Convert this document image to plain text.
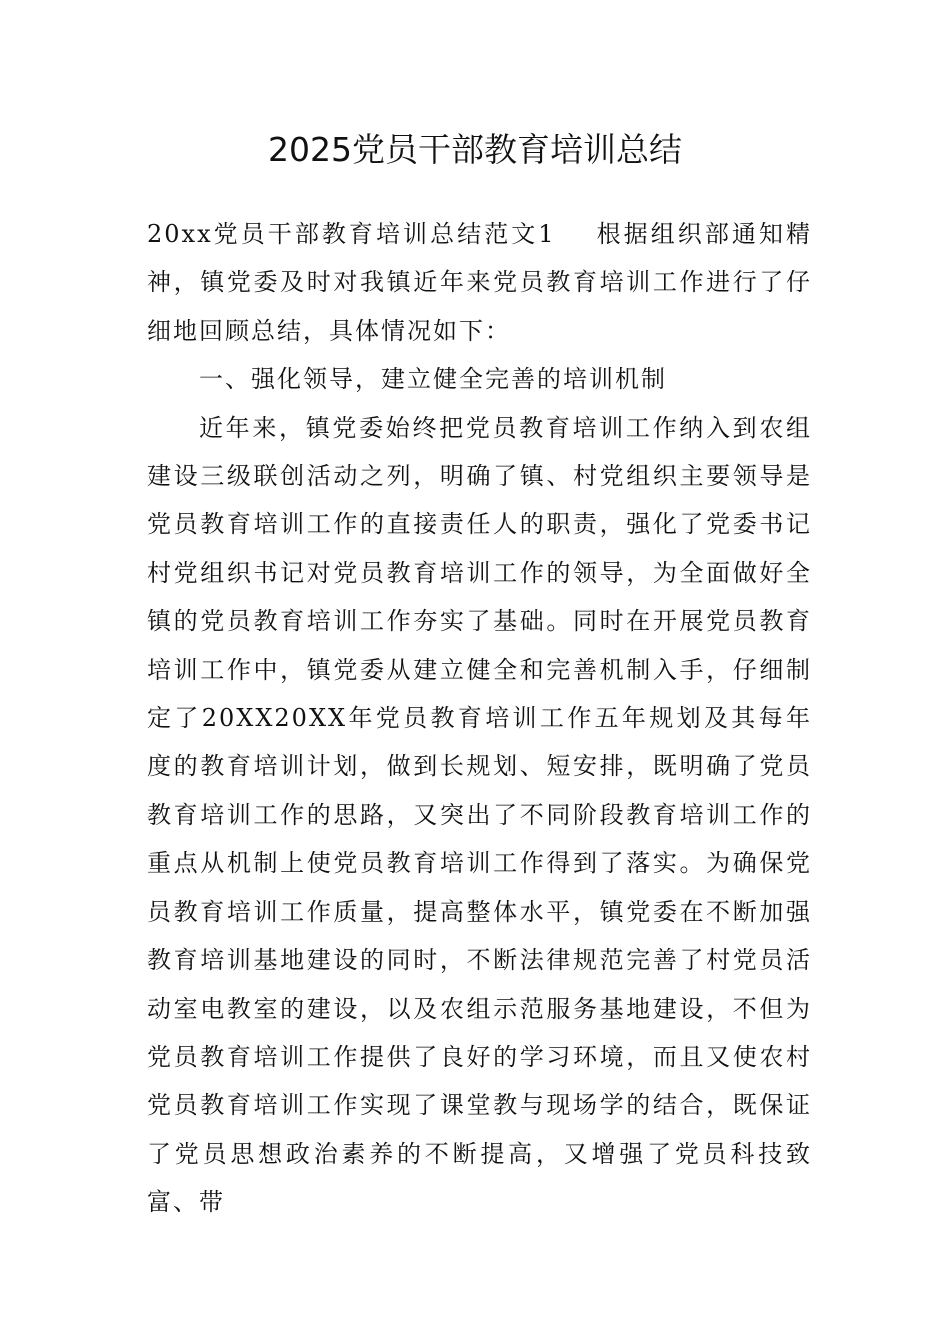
2025党员干部教育培训总结

20xx党员干部教育培训总结范文1 根据组织部通知精神，镇党委及时对我镇近年来党员教育培训工作进行了仔细地回顾总结，具体情况如下：

一、强化领导，建立健全完善的培训机制

近年来，镇党委始终把党员教育培训工作纳入到农组建设三级联创活动之列，明确了镇、村党组织主要领导是党员教育培训工作的直接责任人的职责，强化了党委书记村党组织书记对党员教育培训工作的领导，为全面做好全镇的党员教育培训工作夯实了基础。同时在开展党员教育培训工作中，镇党委从建立健全和完善机制入手，仔细制定了20XX20XX年党员教育培训工作五年规划及其每年度的教育培训计划，做到长规划、短安排，既明确了党员教育培训工作的思路，又突出了不同阶段教育培训工作的重点从机制上使党员教育培训工作得到了落实。为确保党员教育培训工作质量，提高整体水平，镇党委在不断加强教育培训基地建设的同时，不断法律规范完善了村党员活动室电教室的建设，以及农组示范服务基地建设，不但为党员教育培训工作提供了良好的学习环境，而且又使农村党员教育培训工作实现了课堂教与现场学的结合，既保证了党员思想政治素养的不断提高，又增强了党员科技致富、带
